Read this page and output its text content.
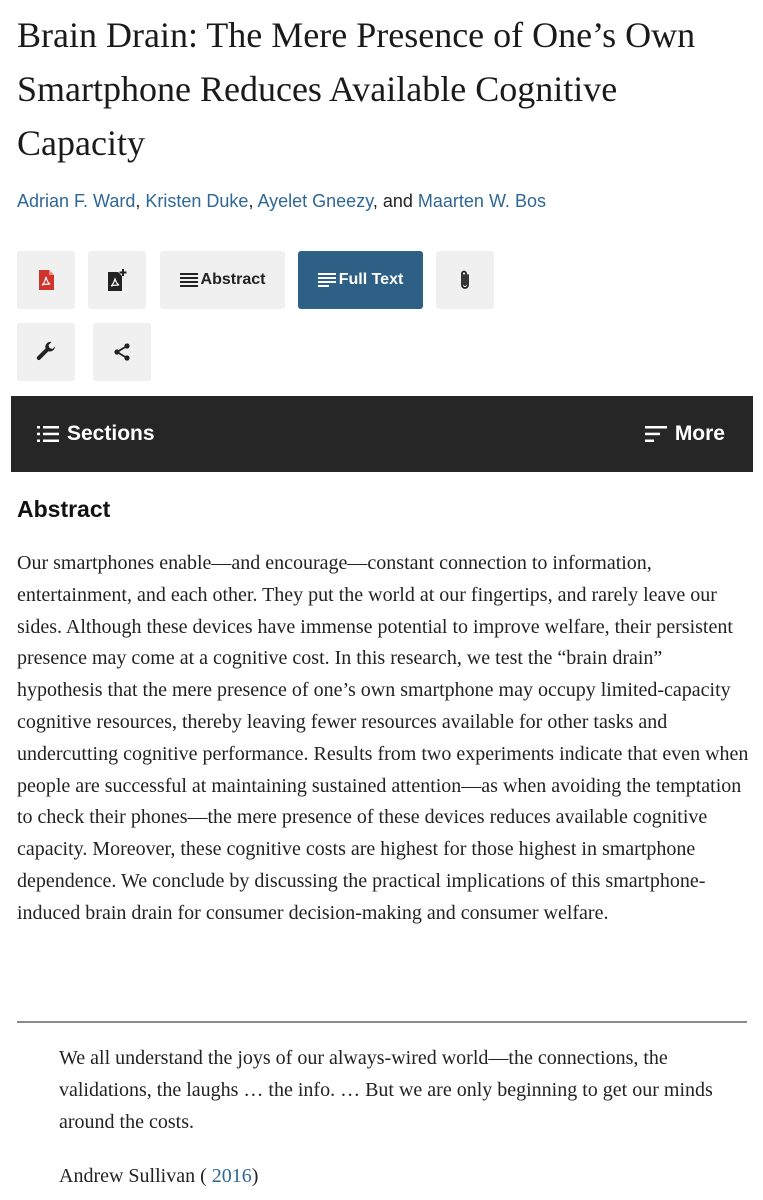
Brain Drain: The Mere Presence of One’s Own Smartphone Reduces Available Cognitive Capacity
Adrian F. Ward, Kristen Duke, Ayelet Gneezy, and Maarten W. Bos
Abstract	Full Text
Sections	More
Abstract

Our smartphones enable—and encourage—constant connection to information, entertainment, and each other. They put the world at our fingertips, and rarely leave our sides. Although these devices have immense potential to improve welfare, their persistent presence may come at a cognitive cost. In this research, we test the “brain drain” hypothesis that the mere presence of one’s own smartphone may occupy limited-capacity cognitive resources, thereby leaving fewer resources available for other tasks and undercutting cognitive performance. Results from two experiments indicate that even when people are successful at maintaining sustained attention—as when avoiding the temptation to check their phones—the mere presence of these devices reduces available cognitive capacity. Moreover, these cognitive costs are highest for those highest in smartphone dependence. We conclude by discussing the practical implications of this smartphone-induced brain drain for consumer decision-making and consumer welfare.

We all understand the joys of our always-wired world—the connections, the validations, the laughs … the info. … But we are only beginning to get our minds around the costs.
Andrew Sullivan ( 2016)
